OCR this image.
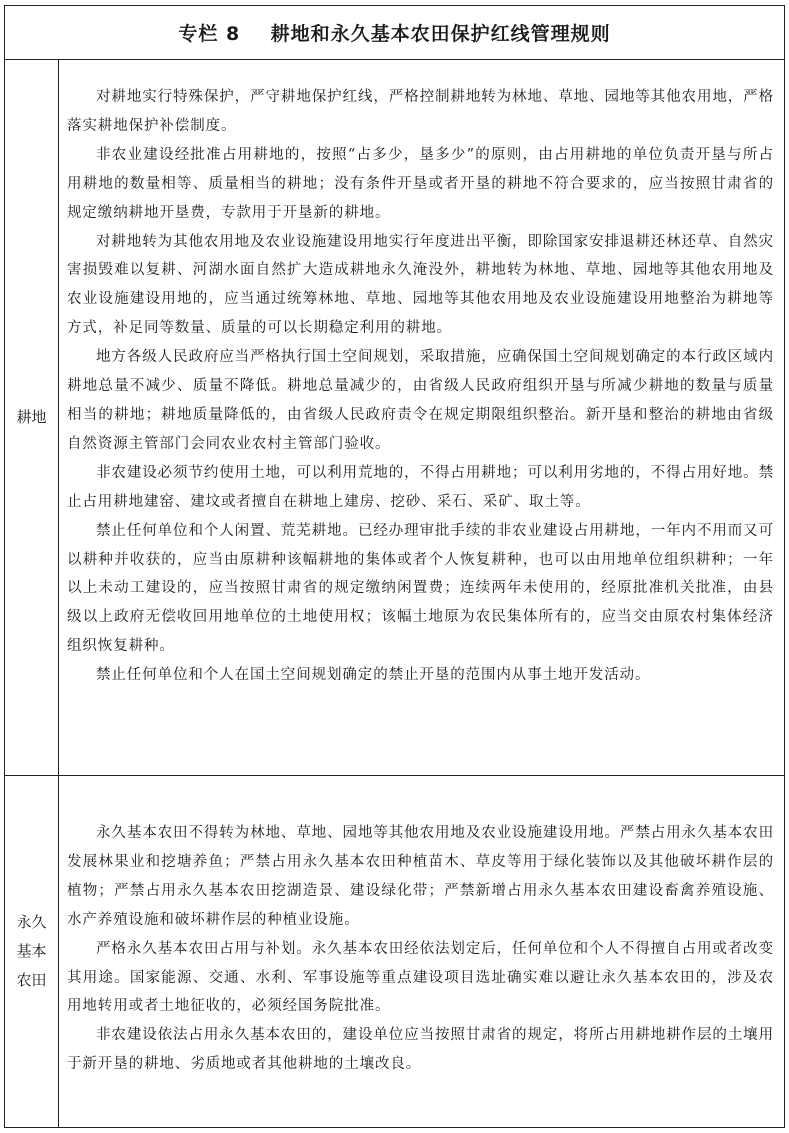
专栏 8    耕地和永久基本农田保护红线管理规则
耕地

对耕地实行特殊保护，严守耕地保护红线，严格控制耕地转为林地、草地、园地等其他农用地，严格落实耕地保护补偿制度。

非农业建设经批准占用耕地的，按照“占多少，垦多少”的原则，由占用耕地的单位负责开垦与所占用耕地的数量相等、质量相当的耕地；没有条件开垦或者开垦的耕地不符合要求的，应当按照甘肃省的规定缴纳耕地开垦费，专款用于开垦新的耕地。

对耕地转为其他农用地及农业设施建设用地实行年度进出平衡，即除国家安排退耕还林还草、自然灾害损毁难以复耕、河湖水面自然扩大造成耕地永久淹没外，耕地转为林地、草地、园地等其他农用地及农业设施建设用地的，应当通过统筹林地、草地、园地等其他农用地及农业设施建设用地整治为耕地等方式，补足同等数量、质量的可以长期稳定利用的耕地。

地方各级人民政府应当严格执行国土空间规划，采取措施，应确保国土空间规划确定的本行政区域内耕地总量不减少、质量不降低。耕地总量减少的，由省级人民政府组织开垦与所减少耕地的数量与质量相当的耕地；耕地质量降低的，由省级人民政府责令在规定期限组织整治。新开垦和整治的耕地由省级自然资源主管部门会同农业农村主管部门验收。

非农建设必须节约使用土地，可以利用荒地的，不得占用耕地；可以利用劣地的，不得占用好地。禁止占用耕地建窑、建坟或者擅自在耕地上建房、挖砂、采石、采矿、取土等。

禁止任何单位和个人闲置、荒芜耕地。已经办理审批手续的非农业建设占用耕地，一年内不用而又可以耕种并收获的，应当由原耕种该幅耕地的集体或者个人恢复耕种，也可以由用地单位组织耕种；一年以上未动工建设的，应当按照甘肃省的规定缴纳闲置费；连续两年未使用的，经原批准机关批准，由县级以上政府无偿收回用地单位的土地使用权；该幅土地原为农民集体所有的，应当交由原农村集体经济组织恢复耕种。

禁止任何单位和个人在国土空间规划确定的禁止开垦的范围内从事土地开发活动。

永久
基本
农田

永久基本农田不得转为林地、草地、园地等其他农用地及农业设施建设用地。严禁占用永久基本农田发展林果业和挖塘养鱼；严禁占用永久基本农田种植苗木、草皮等用于绿化装饰以及其他破坏耕作层的植物；严禁占用永久基本农田挖湖造景、建设绿化带；严禁新增占用永久基本农田建设畜禽养殖设施、水产养殖设施和破坏耕作层的种植业设施。

严格永久基本农田占用与补划。永久基本农田经依法划定后，任何单位和个人不得擅自占用或者改变其用途。国家能源、交通、水利、军事设施等重点建设项目选址确实难以避让永久基本农田的，涉及农用地转用或者土地征收的，必须经国务院批准。

非农建设依法占用永久基本农田的，建设单位应当按照甘肃省的规定，将所占用耕地耕作层的土壤用于新开垦的耕地、劣质地或者其他耕地的土壤改良。
